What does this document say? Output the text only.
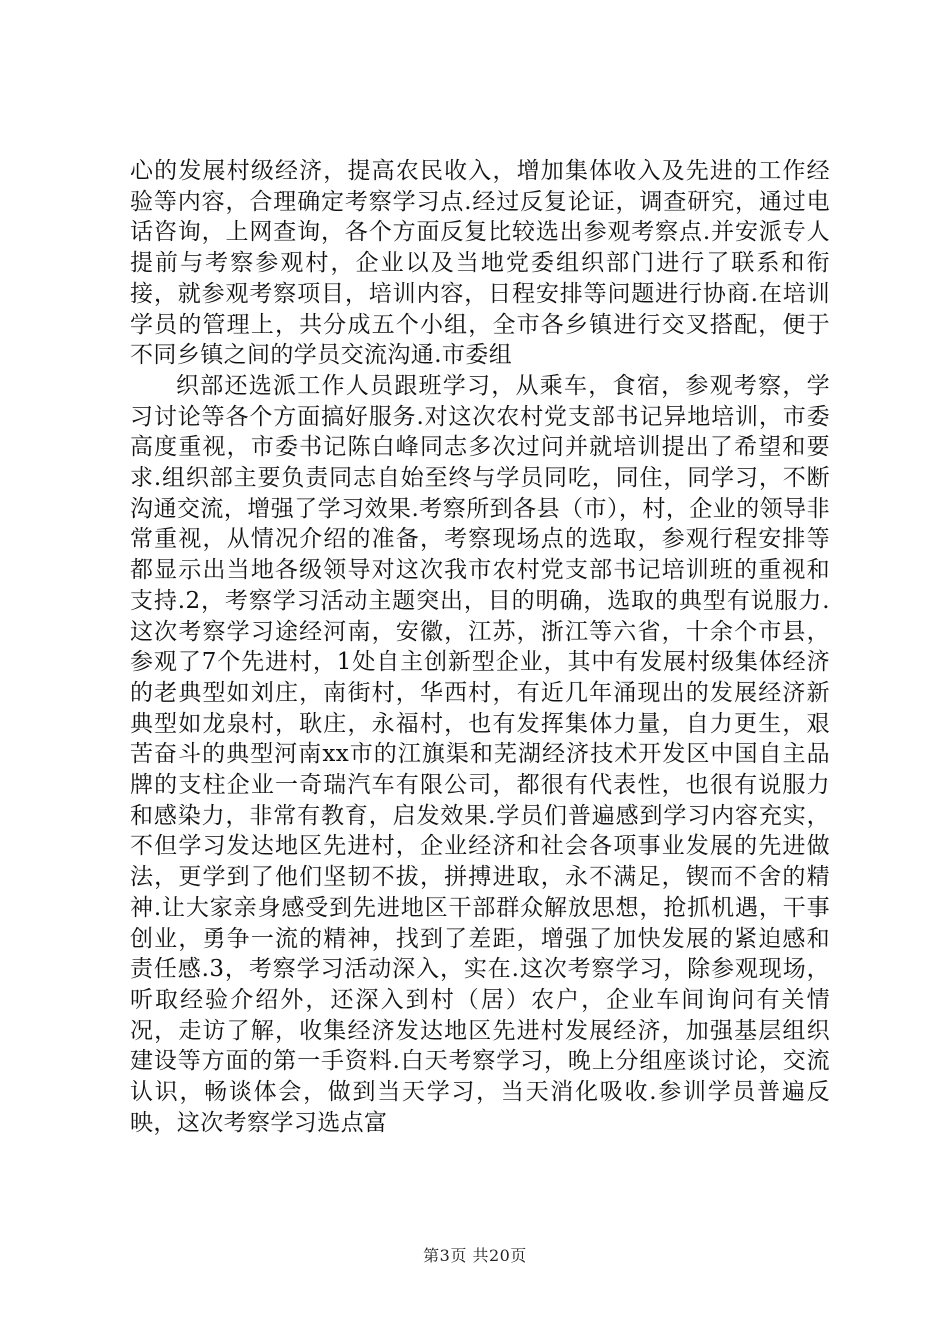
心的发展村级经济，提高农民收入，增加集体收入及先进的工作经验等内容，合理确定考察学习点.经过反复论证，调查研究，通过电话咨询，上网查询，各个方面反复比较选出参观考察点.并安派专人提前与考察参观村，企业以及当地党委组织部门进行了联系和衔接，就参观考察项目，培训内容，日程安排等问题进行协商.在培训学员的管理上，共分成五个小组，全市各乡镇进行交叉搭配，便于不同乡镇之间的学员交流沟通.市委组

织部还选派工作人员跟班学习，从乘车，食宿，参观考察，学习讨论等各个方面搞好服务.对这次农村党支部书记异地培训，市委高度重视，市委书记陈白峰同志多次过问并就培训提出了希望和要求.组织部主要负责同志自始至终与学员同吃，同住，同学习，不断沟通交流，增强了学习效果.考察所到各县（市），村，企业的领导非常重视，从情况介绍的准备，考察现场点的选取，参观行程安排等都显示出当地各级领导对这次我市农村党支部书记培训班的重视和支持.2，考察学习活动主题突出，目的明确，选取的典型有说服力.这次考察学习途经河南，安徽，江苏，浙江等六省，十余个市县，参观了7个先进村，1处自主创新型企业，其中有发展村级集体经济的老典型如刘庄，南街村，华西村，有近几年涌现出的发展经济新典型如龙泉村，耿庄，永福村，也有发挥集体力量，自力更生，艰苦奋斗的典型河南xx市的江旗渠和芜湖经济技术开发区中国自主品牌的支柱企业一奇瑞汽车有限公司，都很有代表性，也很有说服力和感染力，非常有教育，启发效果.学员们普遍感到学习内容充实，不但学习发达地区先进村，企业经济和社会各项事业发展的先进做法，更学到了他们坚韧不拔，拼搏进取，永不满足，锲而不舍的精神.让大家亲身感受到先进地区干部群众解放思想，抢抓机遇，干事创业，勇争一流的精神，找到了差距，增强了加快发展的紧迫感和责任感.3，考察学习活动深入，实在.这次考察学习，除参观现场，听取经验介绍外，还深入到村（居）农户，企业车间询问有关情况，走访了解，收集经济发达地区先进村发展经济，加强基层组织建设等方面的第一手资料.白天考察学习，晚上分组座谈讨论，交流认识，畅谈体会，做到当天学习，当天消化吸收.参训学员普遍反映，这次考察学习选点富

第3页 共20页
